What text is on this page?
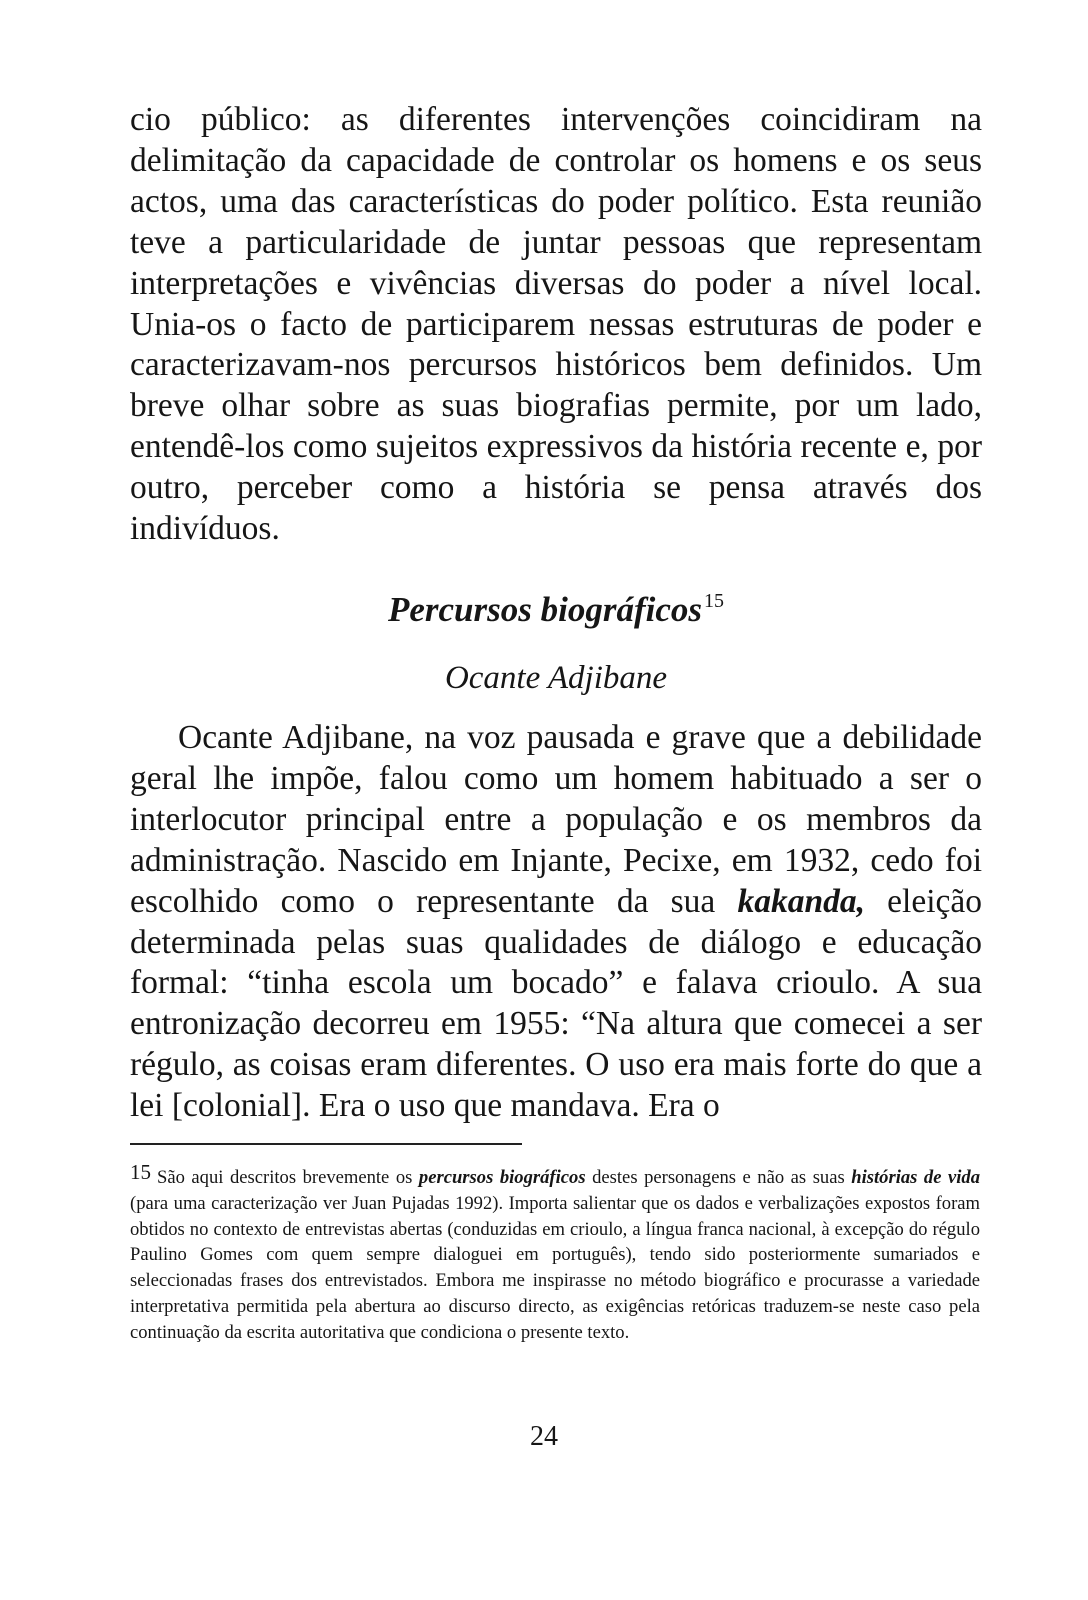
cio público: as diferentes intervenções coincidiram na delimitação da capacidade de controlar os homens e os seus actos, uma das características do poder político. Esta reunião teve a particularidade de juntar pessoas que representam interpretações e vivências diversas do poder a nível local. Unia-os o facto de participarem nessas estruturas de poder e caracterizavam-nos percursos históricos bem definidos. Um breve olhar sobre as suas biografias permite, por um lado, entendê-los como sujeitos expressivos da história recente e, por outro, perceber como a história se pensa através dos indivíduos.

Percursos biográficos $^{15}$
Ocante Adjibane

Ocante Adjibane, na voz pausada e grave que a debilidade geral lhe impõe, falou como um homem habituado a ser o interlocutor principal entre a população e os membros da administração. Nascido em Injante, Pecixe, em 1932, cedo foi escolhido como o representante da sua kakanda, eleição determinada pelas suas qualidades de diálogo e educação formal: “tinha escola um bocado” e falava crioulo. A sua entronização decorreu em 1955: “Na altura que comecei a ser régulo, as coisas eram diferentes. O uso era mais forte do que a lei [colonial]. Era o uso que mandava. Era o

15 São aqui descritos brevemente os percursos biográficos destes personagens e não as suas histórias de vida (para uma caracterização ver Juan Pujadas 1992). Importa salientar que os dados e verbalizações expostos foram obtidos no contexto de entrevistas abertas (conduzidas em crioulo, a língua franca nacional, à excepção do régulo Paulino Gomes com quem sempre dialoguei em português), tendo sido posteriormente sumariados e seleccionadas frases dos entrevistados. Embora me inspirasse no método biográfico e procurasse a variedade interpretativa permitida pela abertura ao discurso directo, as exigências retóricas traduzem-se neste caso pela continuação da escrita autoritativa que condiciona o presente texto.

24
